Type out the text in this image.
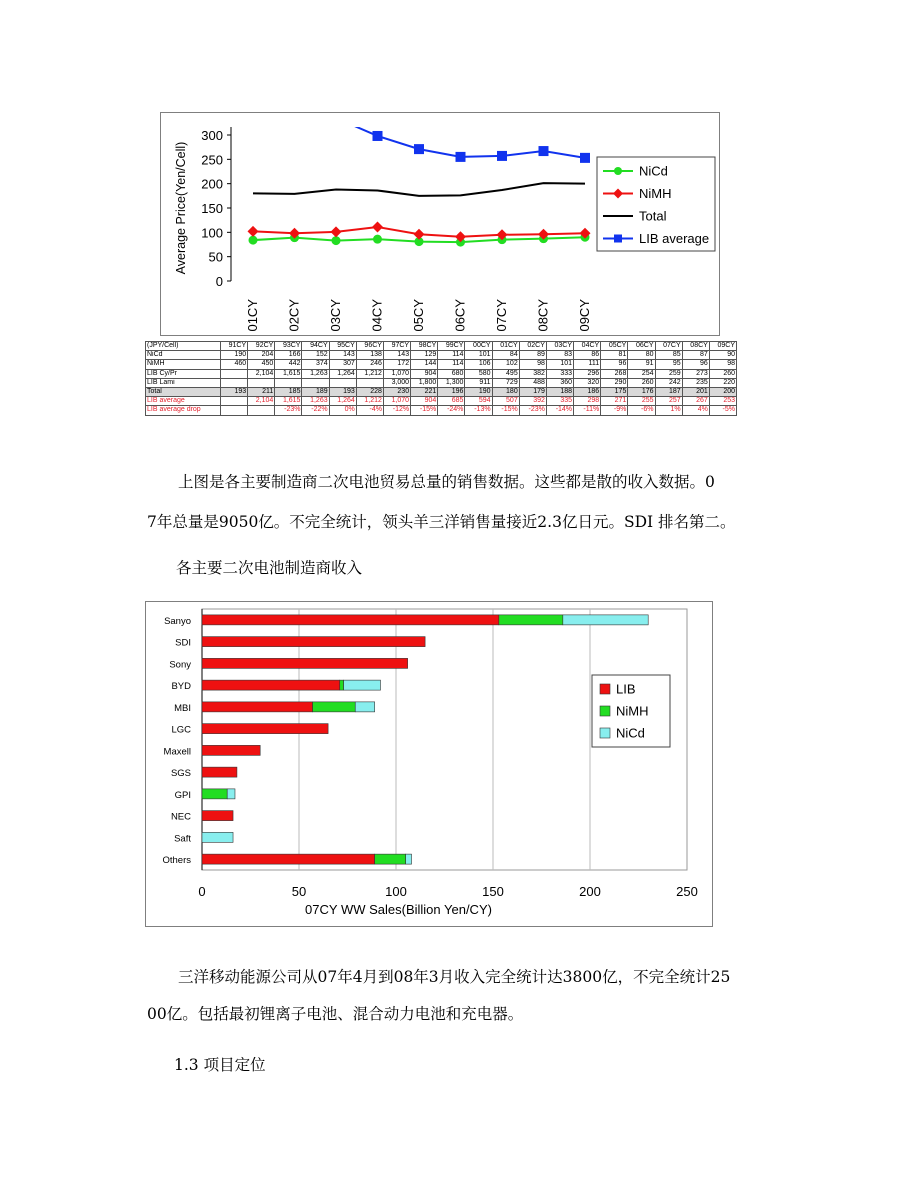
0
50
100
150
200
250
300
Average Price(Yen/Cell)
01CY 02CY 03CY 04CY 05CY 06CY 07CY 08CY 09CY
NiCd
NiMH
Total
LIB average
(JPY/Cell)	91CY	92CY	93CY	94CY	95CY	96CY	97CY	98CY	99CY	00CY	01CY	02CY	03CY	04CY	05CY	06CY	07CY	08CY	09CY
NiCd	190	204	166	152	143	138	143	129	114	101	84	89	83	86	81	80	85	87	90
NiMH	460	450	442	374	307	246	172	144	114	106	102	98	101	111	96	91	95	96	98
LIB Cy/Pr		2,104	1,615	1,263	1,264	1,212	1,070	904	680	580	495	382	333	296	268	254	259	273	260
LIB Lami							3,000	1,800	1,300	911	729	488	360	320	290	260	242	235	220
Total	193	211	185	189	193	228	230	221	196	190	180	179	188	186	175	176	187	201	200
LIB average		2,104	1,615	1,263	1,264	1,212	1,070	904	685	594	507	392	335	298	271	255	257	267	253
LIB average drop			-23%	-22%	0%	-4%	-12%	-15%	-24%	-13%	-15%	-23%	-14%	-11%	-9%	-6%	1%	4%	-5%
上图是各主要制造商二次电池贸易总量的销售数据。这些都是散的收入数据。0
7年总量是9050亿。不完全统计，领头羊三洋销售量接近2.3亿日元。SDI 排名第二。
各主要二次电池制造商收入
0	50	100	150	200	250
07CY WW Sales(Billion Yen/CY)
Sanyo
SDI
Sony
BYD
MBI
LGC
Maxell
SGS
GPI
NEC
Saft
Others
LIB
NiMH
NiCd
三洋移动能源公司从07年4月到08年3月收入完全统计达3800亿，不完全统计25
00亿。包括最初锂离子电池、混合动力电池和充电器。
1.3 项目定位
